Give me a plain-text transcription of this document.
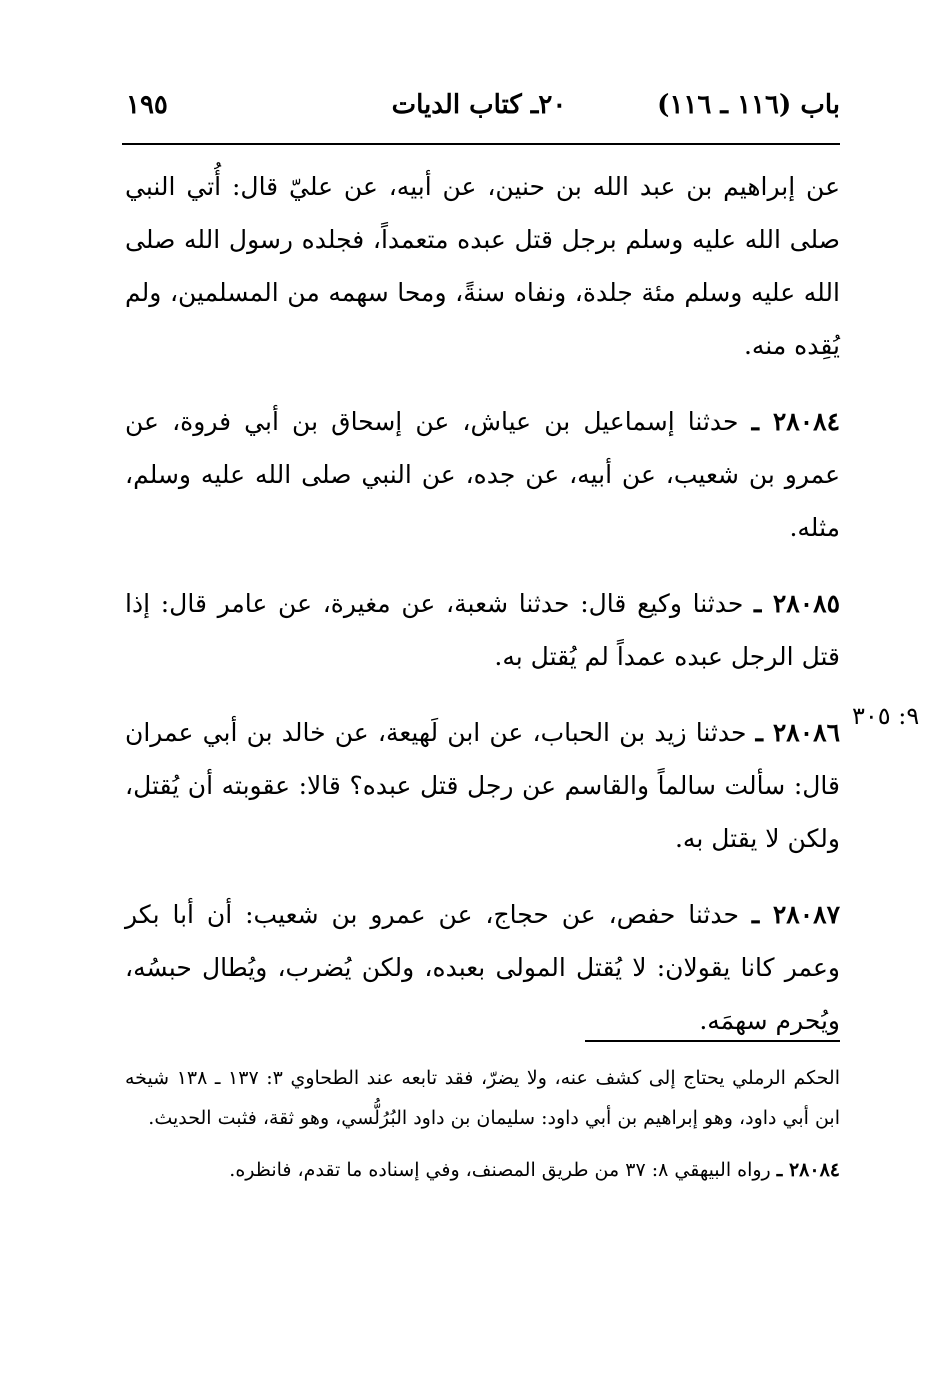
باب (١١٦ ـ ١١٦)
٢٠ـ كتاب الديات
١٩٥
٩: ٣٠٥

عن إبراهيم بن عبد الله بن حنين، عن أبيه، عن عليّ قال: أُتي النبي صلى الله عليه وسلم برجل قتل عبده متعمداً، فجلده رسول الله صلى الله عليه وسلم مئة جلدة، ونفاه سنةً، ومحا سهمه من المسلمين، ولم يُقِده منه.

٢٨٠٨٤ ـ حدثنا إسماعيل بن عياش، عن إسحاق بن أبي فروة، عن عمرو بن شعيب، عن أبيه، عن جده، عن النبي صلى الله عليه وسلم، مثله.

٢٨٠٨٥ ـ حدثنا وكيع قال: حدثنا شعبة، عن مغيرة، عن عامر قال: إذا قتل الرجل عبده عمداً لم يُقتل به.

٢٨٠٨٦ ـ حدثنا زيد بن الحباب، عن ابن لَهيعة، عن خالد بن أبي عمران قال: سألت سالماً والقاسم عن رجل قتل عبده؟ قالا: عقوبته أن يُقتل، ولكن لا يقتل به.

٢٨٠٨٧ ـ حدثنا حفص، عن حجاج، عن عمرو بن شعيب: أن أبا بكر وعمر كانا يقولان: لا يُقتل المولى بعبده، ولكن يُضرب، ويُطال حبسُه، ويُحرم سهمَه.

الحكم الرملي يحتاج إلى كشف عنه، ولا يضرّ، فقد تابعه عند الطحاوي ٣: ١٣٧ ـ ١٣٨ شيخه ابن أبي داود، وهو إبراهيم بن أبي داود: سليمان بن داود البُرُلُّسي، وهو ثقة، فثبت الحديث.

٢٨٠٨٤ ـ رواه البيهقي ٨: ٣٧ من طريق المصنف، وفي إسناده ما تقدم، فانظره.
